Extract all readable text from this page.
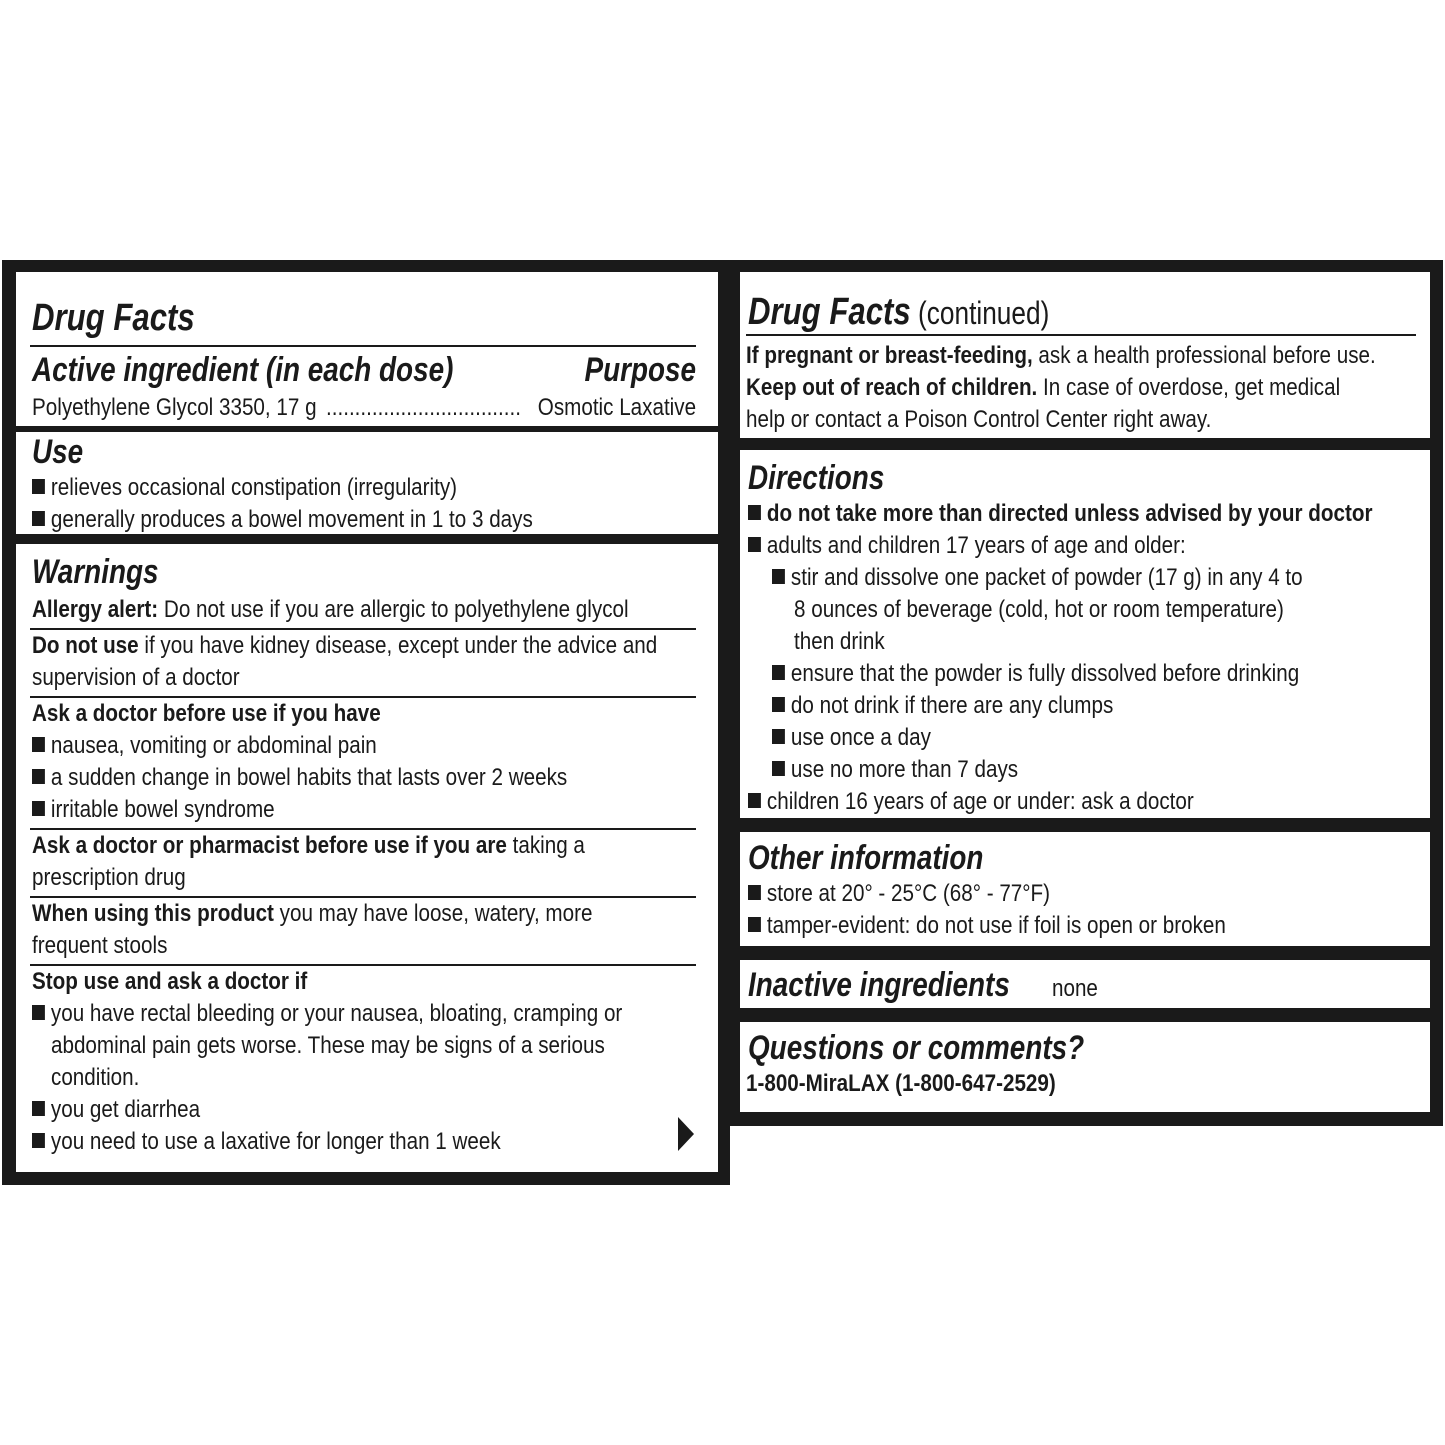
Drug Facts
Active ingredient (in each dose)	Purpose
Polyethylene Glycol 3350, 17 g .................................. Osmotic Laxative
Use
relieves occasional constipation (irregularity)
generally produces a bowel movement in 1 to 3 days
Warnings
Allergy alert: Do not use if you are allergic to polyethylene glycol
Do not use if you have kidney disease, except under the advice and
supervision of a doctor
Ask a doctor before use if you have
nausea, vomiting or abdominal pain
a sudden change in bowel habits that lasts over 2 weeks
irritable bowel syndrome
Ask a doctor or pharmacist before use if you are taking a
prescription drug
When using this product you may have loose, watery, more
frequent stools
Stop use and ask a doctor if
you have rectal bleeding or your nausea, bloating, cramping or
abdominal pain gets worse. These may be signs of a serious
condition.
you get diarrhea
you need to use a laxative for longer than 1 week
Drug Facts (continued)
If pregnant or breast-feeding, ask a health professional before use.
Keep out of reach of children. In case of overdose, get medical
help or contact a Poison Control Center right away.
Directions
do not take more than directed unless advised by your doctor
adults and children 17 years of age and older:
stir and dissolve one packet of powder (17 g) in any 4 to
8 ounces of beverage (cold, hot or room temperature)
then drink
ensure that the powder is fully dissolved before drinking
do not drink if there are any clumps
use once a day
use no more than 7 days
children 16 years of age or under: ask a doctor
Other information
store at 20° - 25°C (68° - 77°F)
tamper-evident: do not use if foil is open or broken
Inactive ingredients none
Questions or comments?
1-800-MiraLAX (1-800-647-2529)
